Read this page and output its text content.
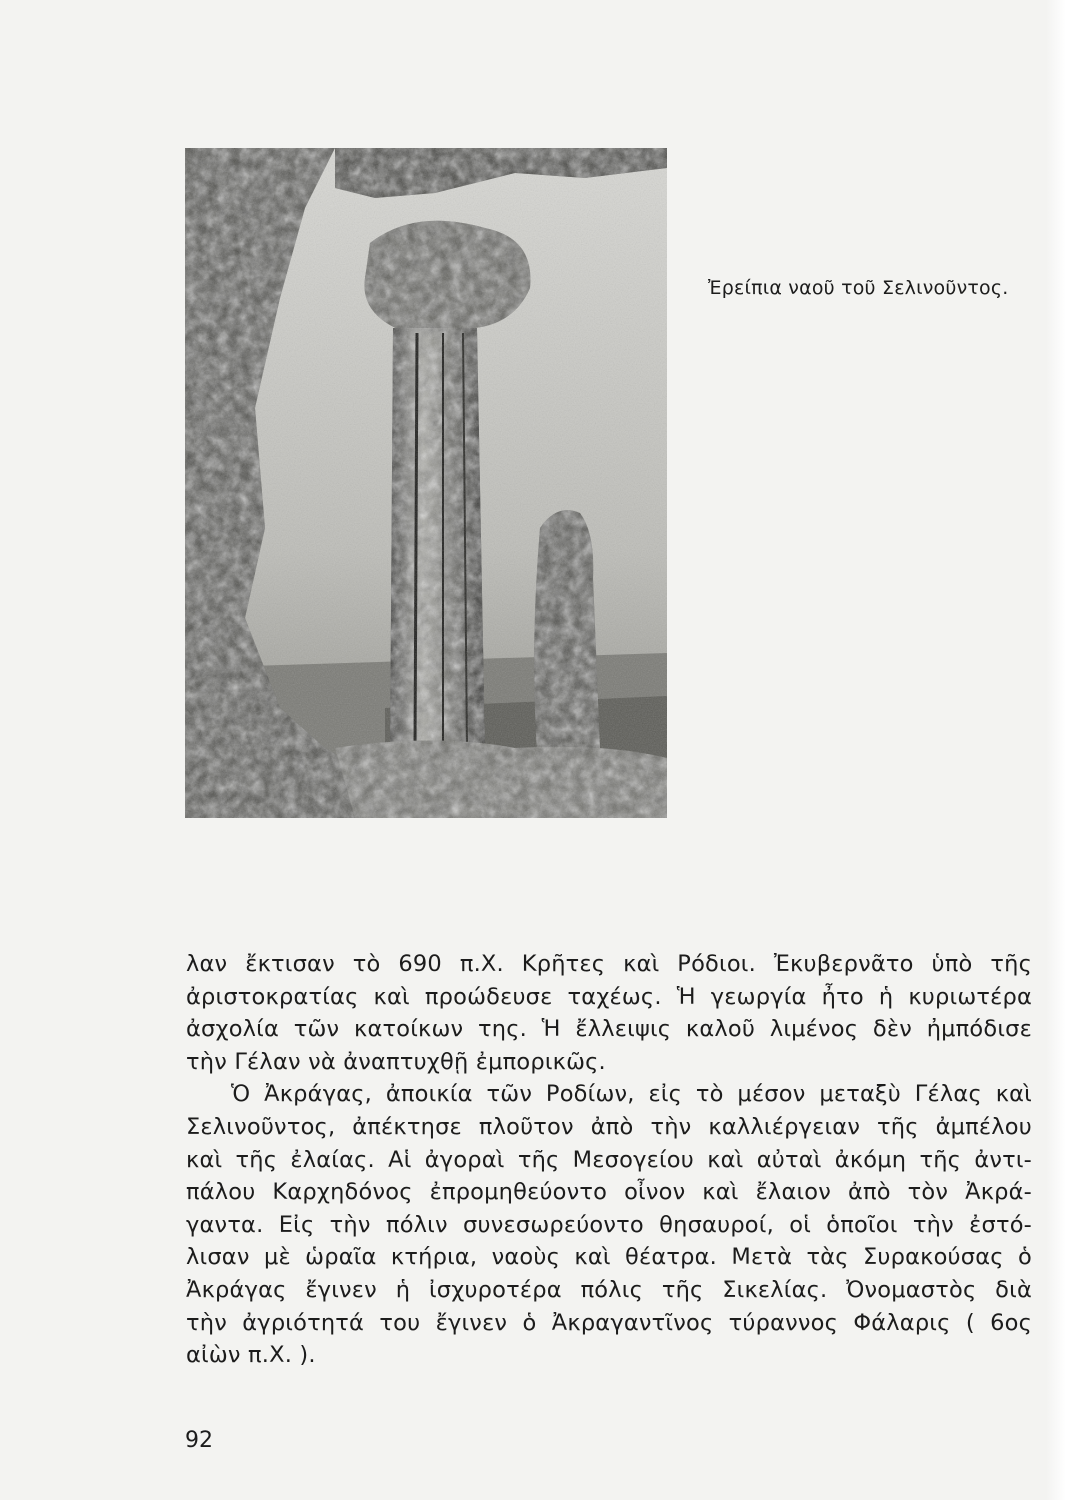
Ἐρείπια ναοῦ τοῦ Σελινοῦντος.

λαν ἔκτισαν τὸ 690 π.Χ. Κρῆτες καὶ Ρόδιοι. Ἐκυβερνᾶτο ὑπὸ τῆς

ἀριστοκρατίας καὶ προώδευσε ταχέως. Ἡ γεωργία ἦτο ἡ κυριωτέρα

ἀσχολία τῶν κατοίκων της. Ἡ ἔλλειψις καλοῦ λιμένος δὲν ἠμπόδισε

τὴν Γέλαν νὰ ἀναπτυχθῇ ἐμπορικῶς.

Ὁ Ἀκράγας, ἀποικία τῶν Ροδίων, εἰς τὸ μέσον μεταξὺ Γέλας καὶ

Σελινοῦντος, ἀπέκτησε πλοῦτον ἀπὸ τὴν καλλιέργειαν τῆς ἀμπέλου

καὶ τῆς ἐλαίας. Αἱ ἀγοραὶ τῆς Μεσογείου καὶ αὐταὶ ἀκόμη τῆς ἀντι-

πάλου Καρχηδόνος ἐπρομηθεύοντο οἶνον καὶ ἔλαιον ἀπὸ τὸν Ἀκρά-

γαντα. Εἰς τὴν πόλιν συνεσωρεύοντο θησαυροί, οἱ ὁποῖοι τὴν ἐστό-

λισαν μὲ ὡραῖα κτήρια, ναοὺς καὶ θέατρα. Μετὰ τὰς Συρακούσας ὁ

Ἀκράγας ἔγινεν ἡ ἰσχυροτέρα πόλις τῆς Σικελίας. Ὀνομαστὸς διὰ

τὴν ἀγριότητά του ἔγινεν ὁ Ἀκραγαντῖνος τύραννος Φάλαρις ( 6ος

αἰὼν π.Χ. ).

92
